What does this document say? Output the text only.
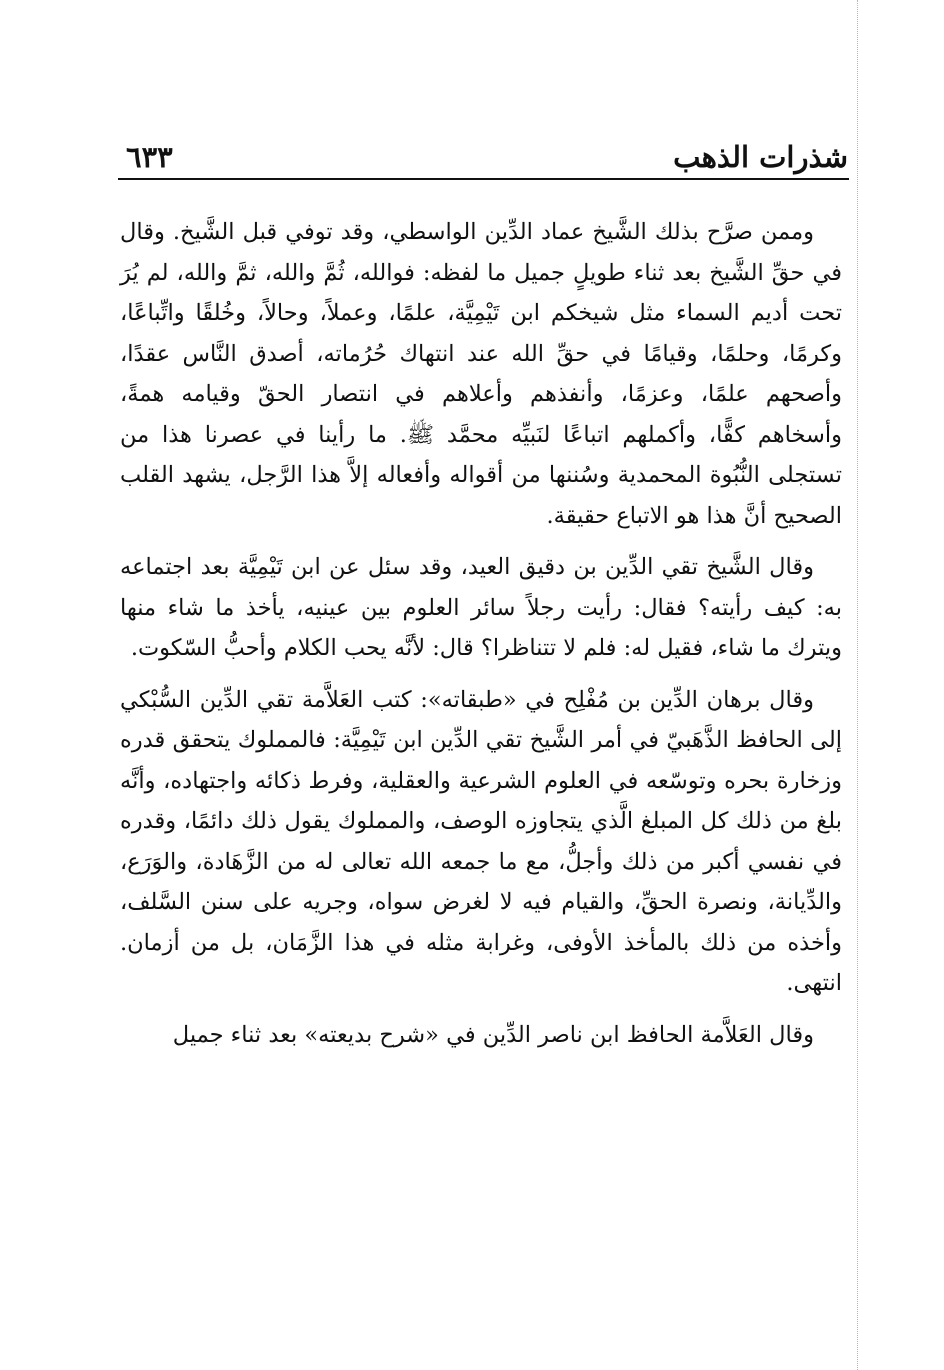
شذرات الذهب
٦٣٣

وممن صرَّح بذلك الشَّيخ عماد الدِّين الواسطي، وقد توفي قبل الشَّيخ. وقال في حقِّ الشَّيخ بعد ثناء طويلٍ جميل ما لفظه: فوالله، ثُمَّ والله، ثمَّ والله، لم يُرَ تحت أديم السماء مثل شيخكم ابن تَيْمِيَّة، علمًا، وعملاً، وحالاً، وخُلقًا واتِّباعًا، وكرمًا، وحلمًا، وقيامًا في حقِّ الله عند انتهاك حُرُماته، أصدق النَّاس عقدًا، وأصحهم علمًا، وعزمًا، وأنفذهم وأعلاهم في انتصار الحقّ وقيامه همةً، وأسخاهم كفًّا، وأكملهم اتباعًا لنَبيِّه محمَّد ﷺ. ما رأينا في عصرنا هذا من تستجلى النُّبُوة المحمدية وسُننها من أقواله وأفعاله إلاَّ هذا الرَّجل، يشهد القلب الصحيح أنَّ هذا هو الاتباع حقيقة.

وقال الشَّيخ تقي الدِّين بن دقيق العيد، وقد سئل عن ابن تَيْمِيَّة بعد اجتماعه به: كيف رأيته؟ فقال: رأيت رجلاً سائر العلوم بين عينيه، يأخذ ما شاء منها ويترك ما شاء، فقيل له: فلم لا تتناظرا؟ قال: لأنَّه يحب الكلام وأحبُّ السّكوت.

وقال برهان الدِّين بن مُفْلِح في «طبقاته»: كتب العَلاَّمة تقي الدِّين السُّبْكي إلى الحافظ الذَّهَبيّ في أمر الشَّيخ تقي الدِّين ابن تَيْمِيَّة: فالمملوك يتحقق قدره وزخارة بحره وتوسّعه في العلوم الشرعية والعقلية، وفرط ذكائه واجتهاده، وأنَّه بلغ من ذلك كل المبلغ الَّذي يتجاوزه الوصف، والمملوك يقول ذلك دائمًا، وقدره في نفسي أكبر من ذلك وأجلُّ، مع ما جمعه الله تعالى له من الزَّهَادة، والوَرَع، والدِّيانة، ونصرة الحقِّ، والقيام فيه لا لغرض سواه، وجريه على سنن السَّلف، وأخذه من ذلك بالمأخذ الأوفى، وغرابة مثله في هذا الزَّمَان، بل من أزمان. انتهى.

وقال العَلاَّمة الحافظ ابن ناصر الدِّين في «شرح بديعته» بعد ثناء جميل
